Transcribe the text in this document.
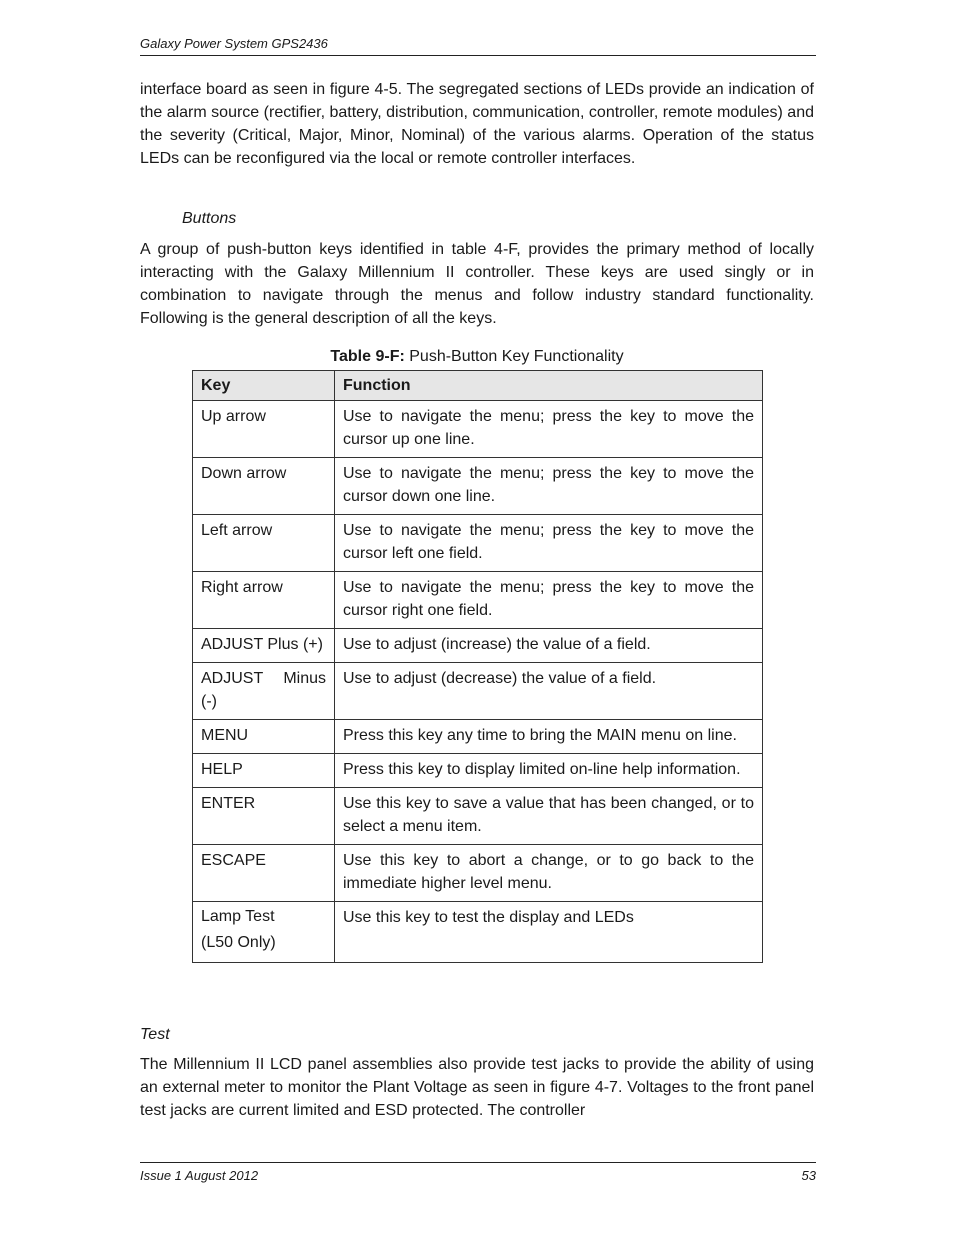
Galaxy Power System GPS2436

interface board as seen in figure 4-5. The segregated sections of LEDs provide an indication of the alarm source (rectifier, battery, distribution, communication, controller, remote modules) and the severity (Critical, Major, Minor, Nominal) of the various alarms. Operation of the status LEDs can be reconfigured via the local or remote controller interfaces.

Buttons

A group of push-button keys identified in table 4-F, provides the primary method of locally interacting with the Galaxy Millennium II controller. These keys are used singly or in combination to navigate through the menus and follow industry standard functionality. Following is the general description of all the keys.

Table 9-F: Push-Button Key Functionality

Key	Function
Up arrow	Use to navigate the menu; press the key to move the cursor up one line.
Down arrow	Use to navigate the menu; press the key to move the cursor down one line.
Left arrow	Use to navigate the menu; press the key to move the cursor left one field.
Right arrow	Use to navigate the menu; press the key to move the cursor right one field.
ADJUST Plus (+)	Use to adjust (increase) the value of a field.
ADJUST Minus (-)	Use to adjust (decrease) the value of a field.
MENU	Press this key any time to bring the MAIN menu on line.
HELP	Press this key to display limited on-line help information.
ENTER	Use this key to save a value that has been changed, or to select a menu item.
ESCAPE	Use this key to abort a change, or to go back to the immediate higher level menu.

Lamp Test
(L50 Only)	Use this key to test the display and LEDs

Test

The Millennium II LCD panel assemblies also provide test jacks to provide the ability of using an external meter to monitor the Plant Voltage as seen in figure 4-7. Voltages to the front panel test jacks are current limited and ESD protected. The controller

Issue 1 August 2012	53
